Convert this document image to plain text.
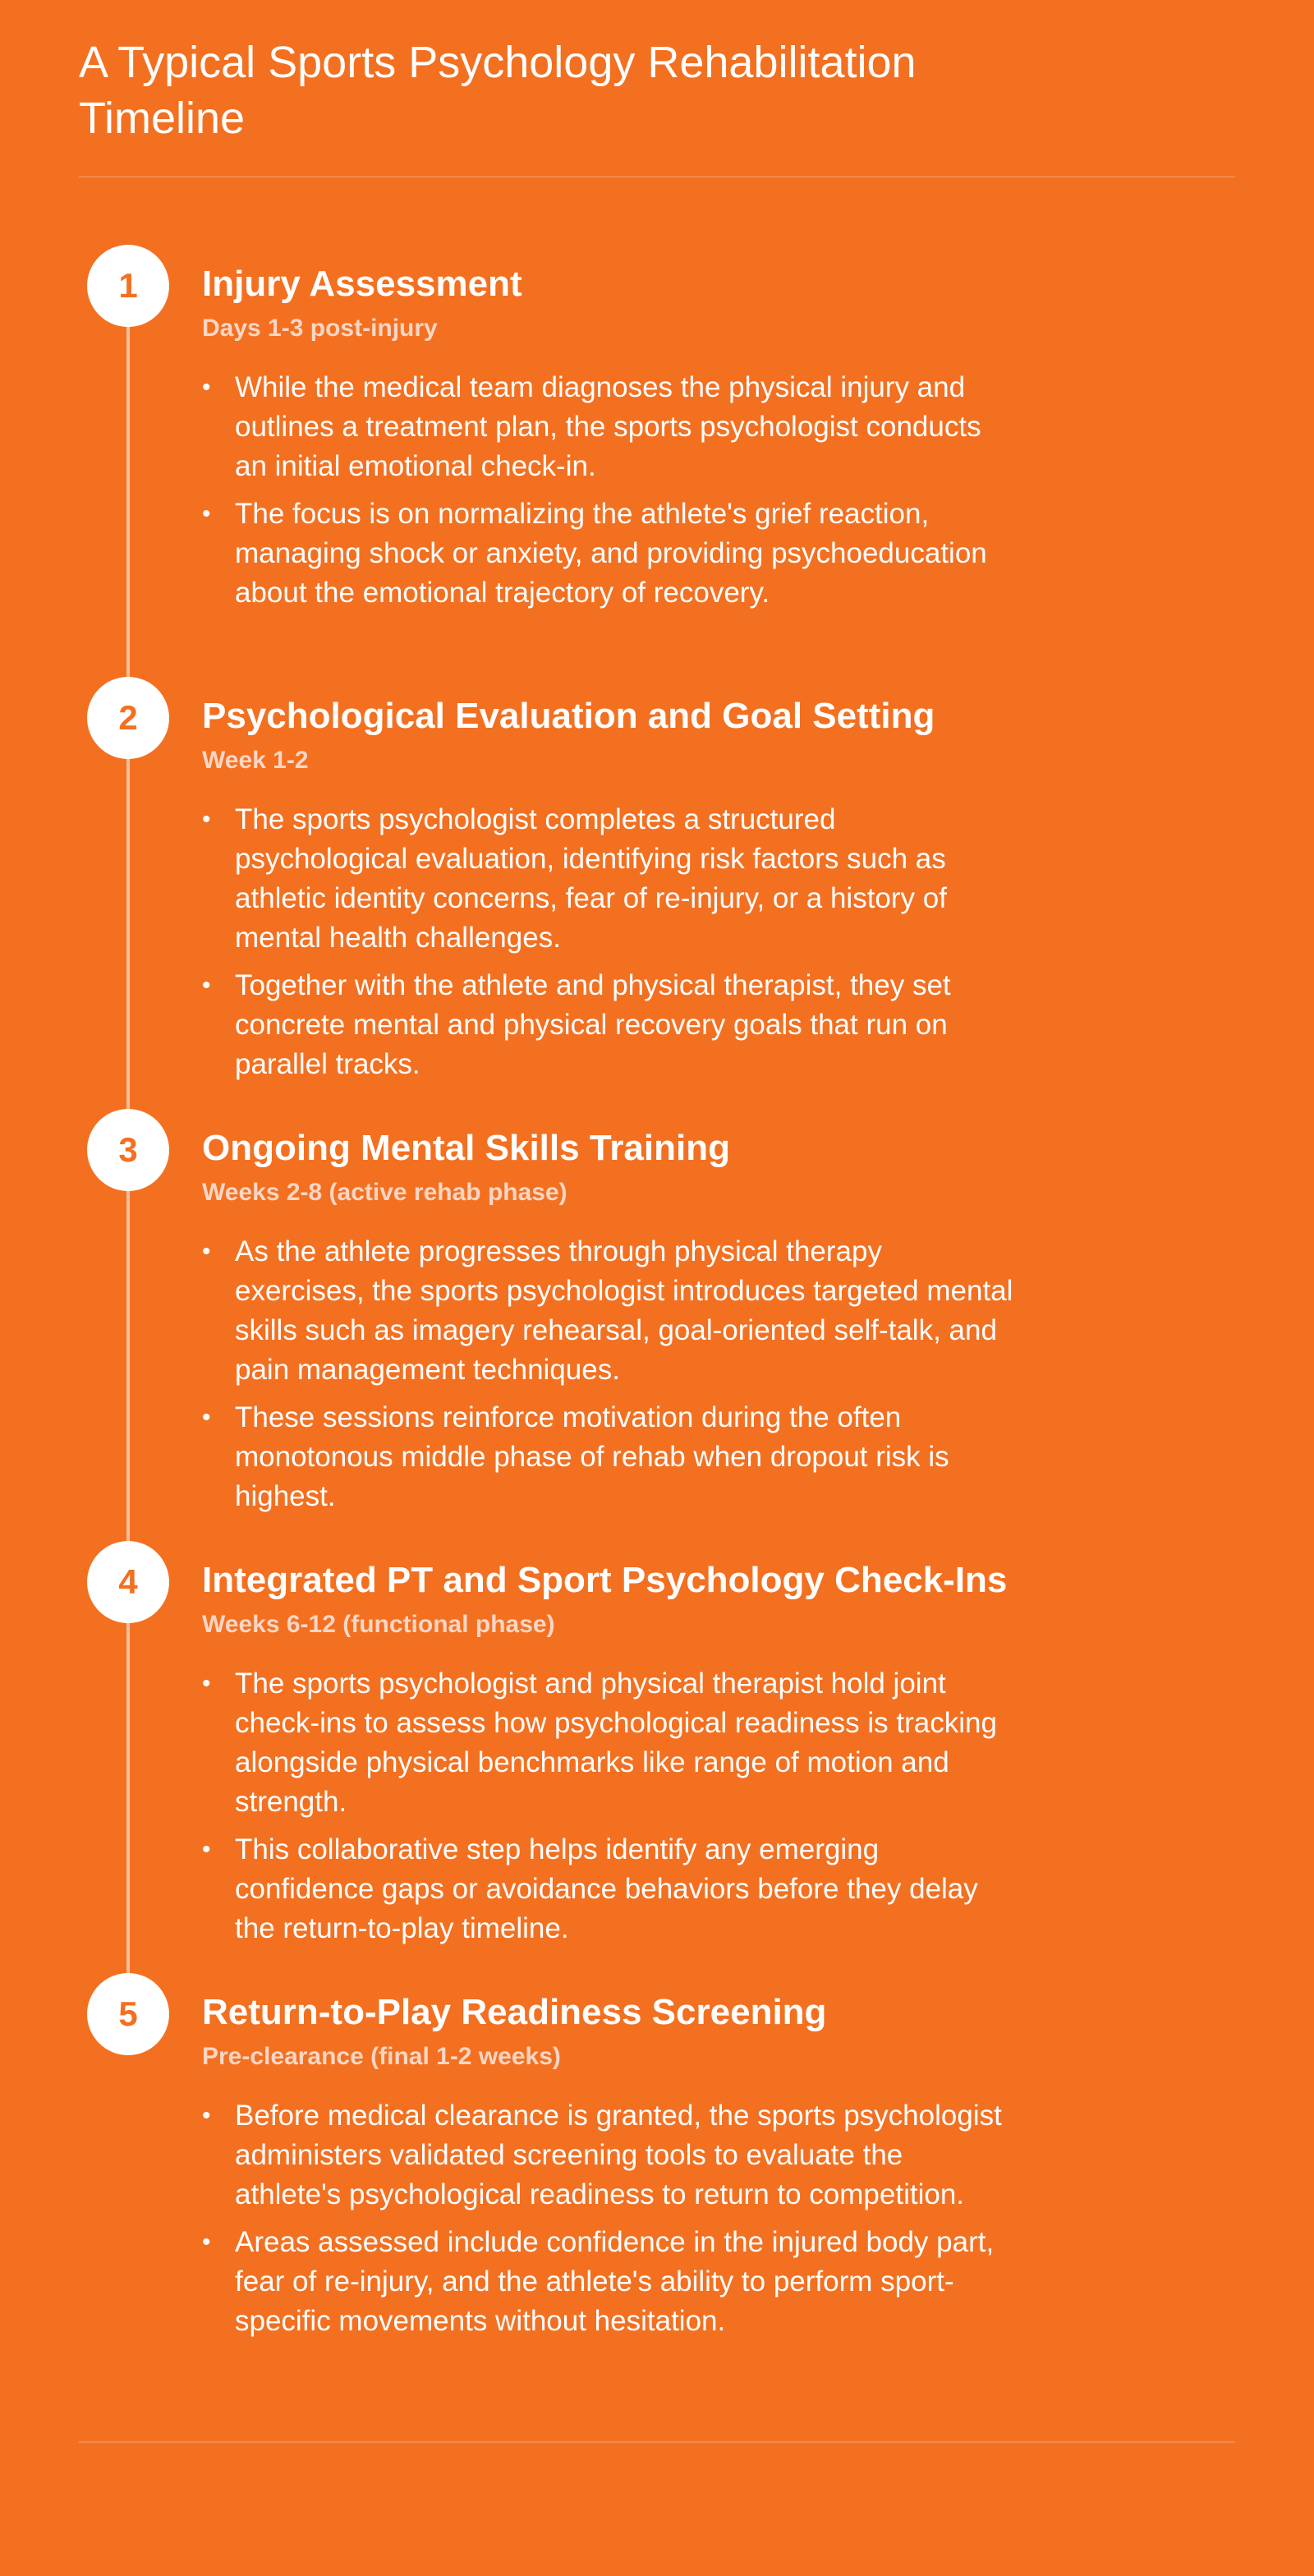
A Typical Sports Psychology Rehabilitation Timeline
1	Injury Assessment
Days 1-3 post-injury
• While the medical team diagnoses the physical injury and outlines a treatment plan, the sports psychologist conducts an initial emotional check-in.
• The focus is on normalizing the athlete's grief reaction, managing shock or anxiety, and providing psychoeducation about the emotional trajectory of recovery.
2	Psychological Evaluation and Goal Setting
Week 1-2
• The sports psychologist completes a structured psychological evaluation, identifying risk factors such as athletic identity concerns, fear of re-injury, or a history of mental health challenges.
• Together with the athlete and physical therapist, they set concrete mental and physical recovery goals that run on parallel tracks.
3	Ongoing Mental Skills Training
Weeks 2-8 (active rehab phase)
• As the athlete progresses through physical therapy exercises, the sports psychologist introduces targeted mental skills such as imagery rehearsal, goal-oriented self-talk, and pain management techniques.
• These sessions reinforce motivation during the often monotonous middle phase of rehab when dropout risk is highest.
4	Integrated PT and Sport Psychology Check-Ins
Weeks 6-12 (functional phase)
• The sports psychologist and physical therapist hold joint check-ins to assess how psychological readiness is tracking alongside physical benchmarks like range of motion and strength.
• This collaborative step helps identify any emerging confidence gaps or avoidance behaviors before they delay the return-to-play timeline.
5	Return-to-Play Readiness Screening
Pre-clearance (final 1-2 weeks)
• Before medical clearance is granted, the sports psychologist administers validated screening tools to evaluate the athlete's psychological readiness to return to competition.
• Areas assessed include confidence in the injured body part, fear of re-injury, and the athlete's ability to perform sport-specific movements without hesitation.
